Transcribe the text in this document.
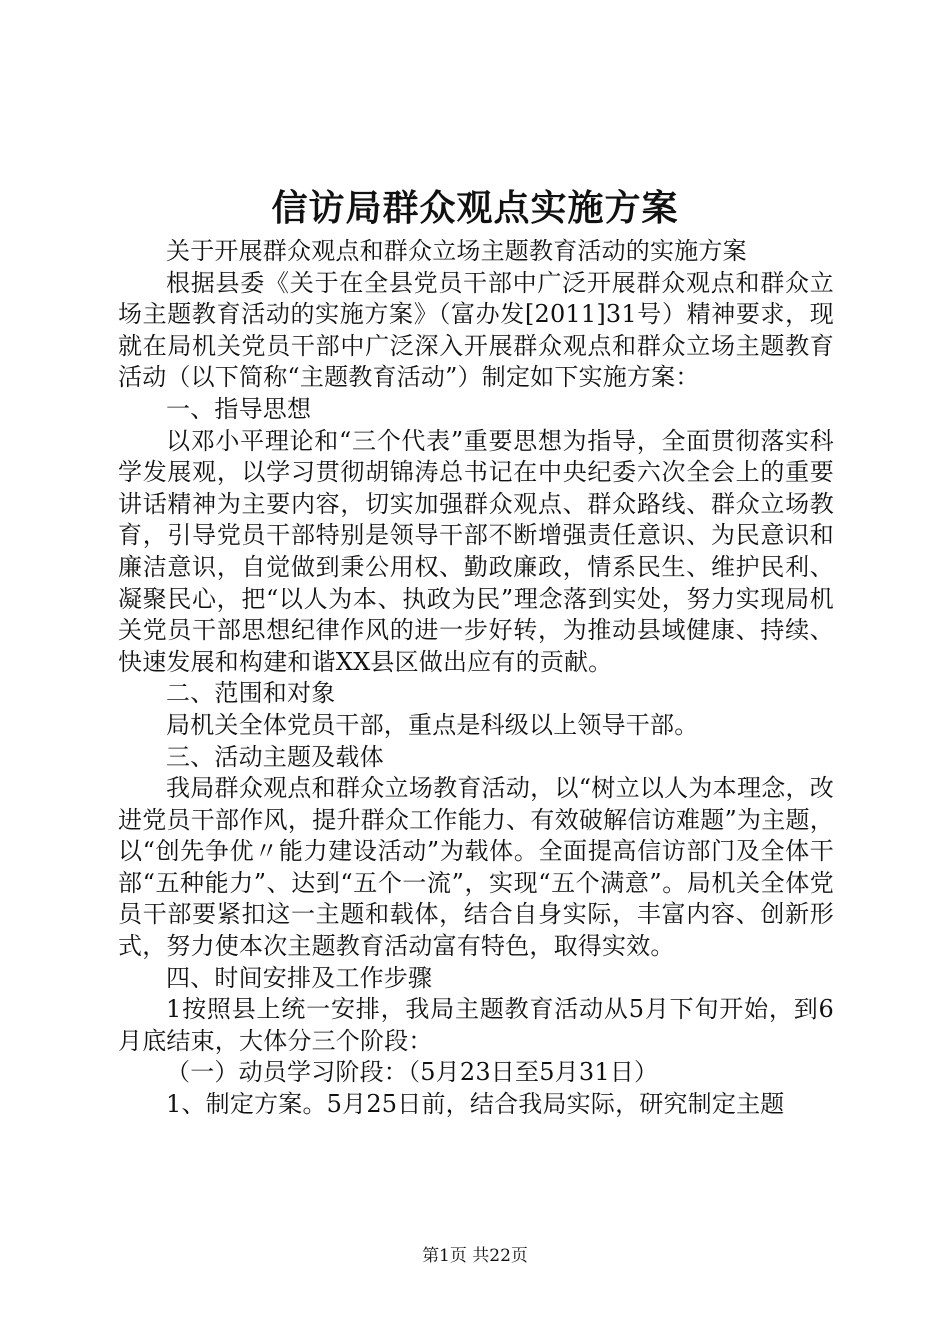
信访局群众观点实施方案

关于开展群众观点和群众立场主题教育活动的实施方案

根据县委《关于在全县党员干部中广泛开展群众观点和群众立场主题教育活动的实施方案》（富办发[2011]31号）精神要求，现就在局机关党员干部中广泛深入开展群众观点和群众立场主题教育活动（以下简称“主题教育活动”）制定如下实施方案：

一、指导思想

以邓小平理论和“三个代表”重要思想为指导，全面贯彻落实科学发展观，以学习贯彻胡锦涛总书记在中央纪委六次全会上的重要讲话精神为主要内容，切实加强群众观点、群众路线、群众立场教育，引导党员干部特别是领导干部不断增强责任意识、为民意识和廉洁意识，自觉做到秉公用权、勤政廉政，情系民生、维护民利、凝聚民心，把“以人为本、执政为民”理念落到实处，努力实现局机关党员干部思想纪律作风的进一步好转，为推动县域健康、持续、快速发展和构建和谐XX县区做出应有的贡献。

二、范围和对象

局机关全体党员干部，重点是科级以上领导干部。

三、活动主题及载体

我局群众观点和群众立场教育活动，以“树立以人为本理念，改进党员干部作风，提升群众工作能力、有效破解信访难题”为主题，以“创先争优〃能力建设活动”为载体。全面提高信访部门及全体干部“五种能力”、达到“五个一流”，实现“五个满意”。局机关全体党员干部要紧扣这一主题和载体，结合自身实际，丰富内容、创新形式，努力使本次主题教育活动富有特色，取得实效。

四、时间安排及工作步骤

1按照县上统一安排，我局主题教育活动从5月下旬开始，到6月底结束，大体分三个阶段：

（一）动员学习阶段：（5月23日至5月31日）

1、制定方案。5月25日前，结合我局实际，研究制定主题

第1页 共22页
